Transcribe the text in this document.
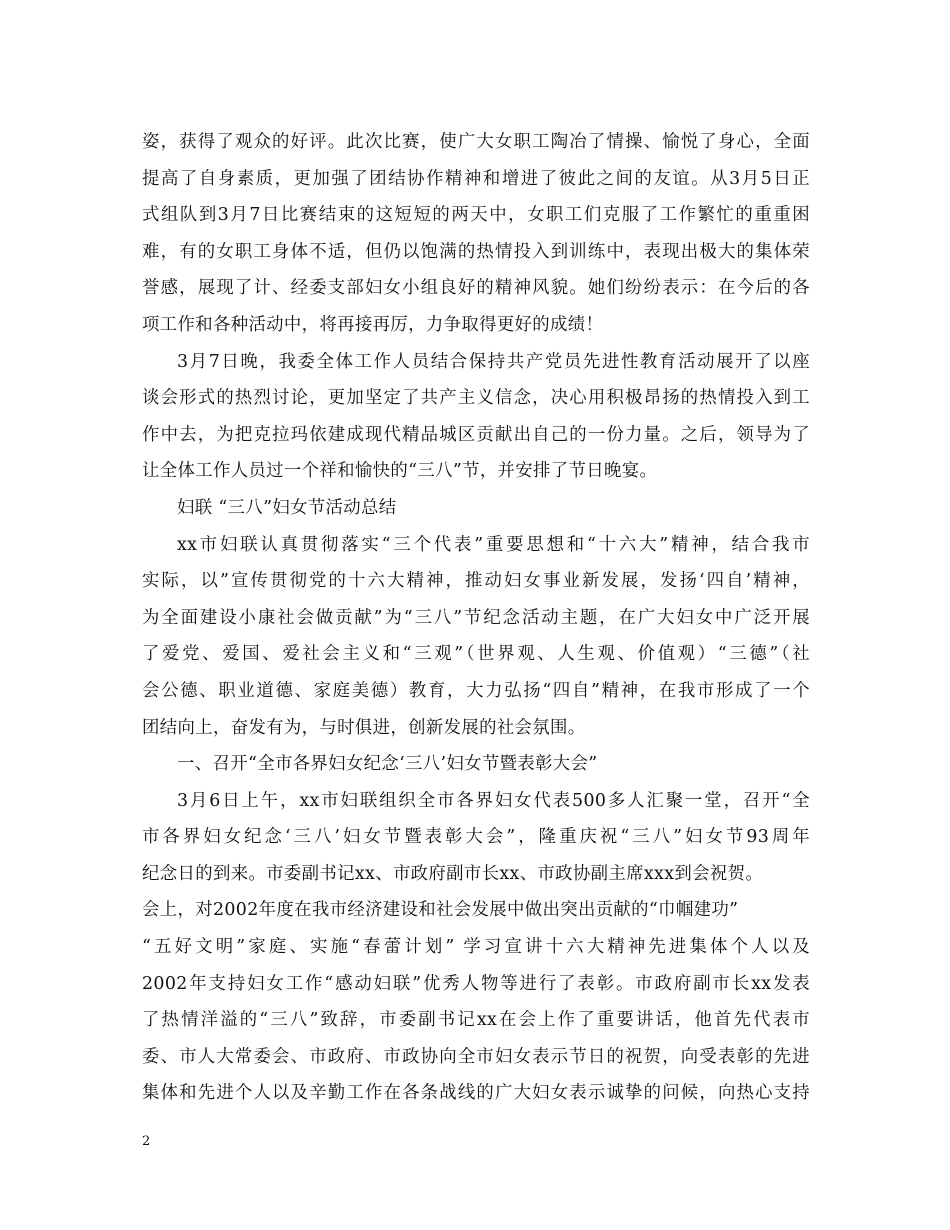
姿，获得了观众的好评。此次比赛，使广大女职工陶冶了情操、愉悦了身心，全面
提高了自身素质，更加强了团结协作精神和增进了彼此之间的友谊。从3月5日正
式组队到3月7日比赛结束的这短短的两天中，女职工们克服了工作繁忙的重重困
难，有的女职工身体不适，但仍以饱满的热情投入到训练中，表现出极大的集体荣
誉感，展现了计、经委支部妇女小组良好的精神风貌。她们纷纷表示：在今后的各
项工作和各种活动中，将再接再厉，力争取得更好的成绩！
3月7日晚，我委全体工作人员结合保持共产党员先进性教育活动展开了以座
谈会形式的热烈讨论，更加坚定了共产主义信念，决心用积极昂扬的热情投入到工
作中去，为把克拉玛依建成现代精品城区贡献出自己的一份力量。之后，领导为了
让全体工作人员过一个祥和愉快的“三八”节，并安排了节日晚宴。
妇联 “三八”妇女节活动总结
xx市妇联认真贯彻落实“三个代表”重要思想和“十六大”精神，结合我市
实际，以”宣传贯彻党的十六大精神，推动妇女事业新发展，发扬‘四自’精神，
为全面建设小康社会做贡献”为“三八”节纪念活动主题，在广大妇女中广泛开展
了爱党、爱国、爱社会主义和“三观”（世界观、人生观、价值观）“三德”（社
会公德、职业道德、家庭美德）教育，大力弘扬“四自”精神，在我市形成了一个
团结向上，奋发有为，与时俱进，创新发展的社会氛围。
一、召开“全市各界妇女纪念‘三八’妇女节暨表彰大会”
3月6日上午，xx市妇联组织全市各界妇女代表500多人汇聚一堂，召开“全
市各界妇女纪念‘三八’妇女节暨表彰大会”，隆重庆祝“三八”妇女节93周年
纪念日的到来。市委副书记xx、市政府副市长xx、市政协副主席xxx到会祝贺。
会上，对2002年度在我市经济建设和社会发展中做出突出贡献的“巾帼建功”
“五好文明”家庭、实施“春蕾计划” 学习宣讲十六大精神先进集体个人以及
2002年支持妇女工作“感动妇联”优秀人物等进行了表彰。市政府副市长xx发表
了热情洋溢的“三八”致辞，市委副书记xx在会上作了重要讲话，他首先代表市
委、市人大常委会、市政府、市政协向全市妇女表示节日的祝贺，向受表彰的先进
集体和先进个人以及辛勤工作在各条战线的广大妇女表示诚挚的问候，向热心支持
2
